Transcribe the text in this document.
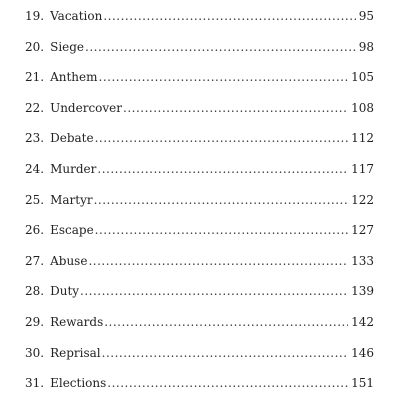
19. Vacation .....	95
20. Siege .....	98
21. Anthem .....	105
22. Undercover .....	108
23. Debate .....	112
24. Murder .....	117
25. Martyr .....	122
26. Escape .....	127
27. Abuse .....	133
28. Duty .....	139
29. Rewards .....	142
30. Reprisal .....	146
31. Elections .....	151
